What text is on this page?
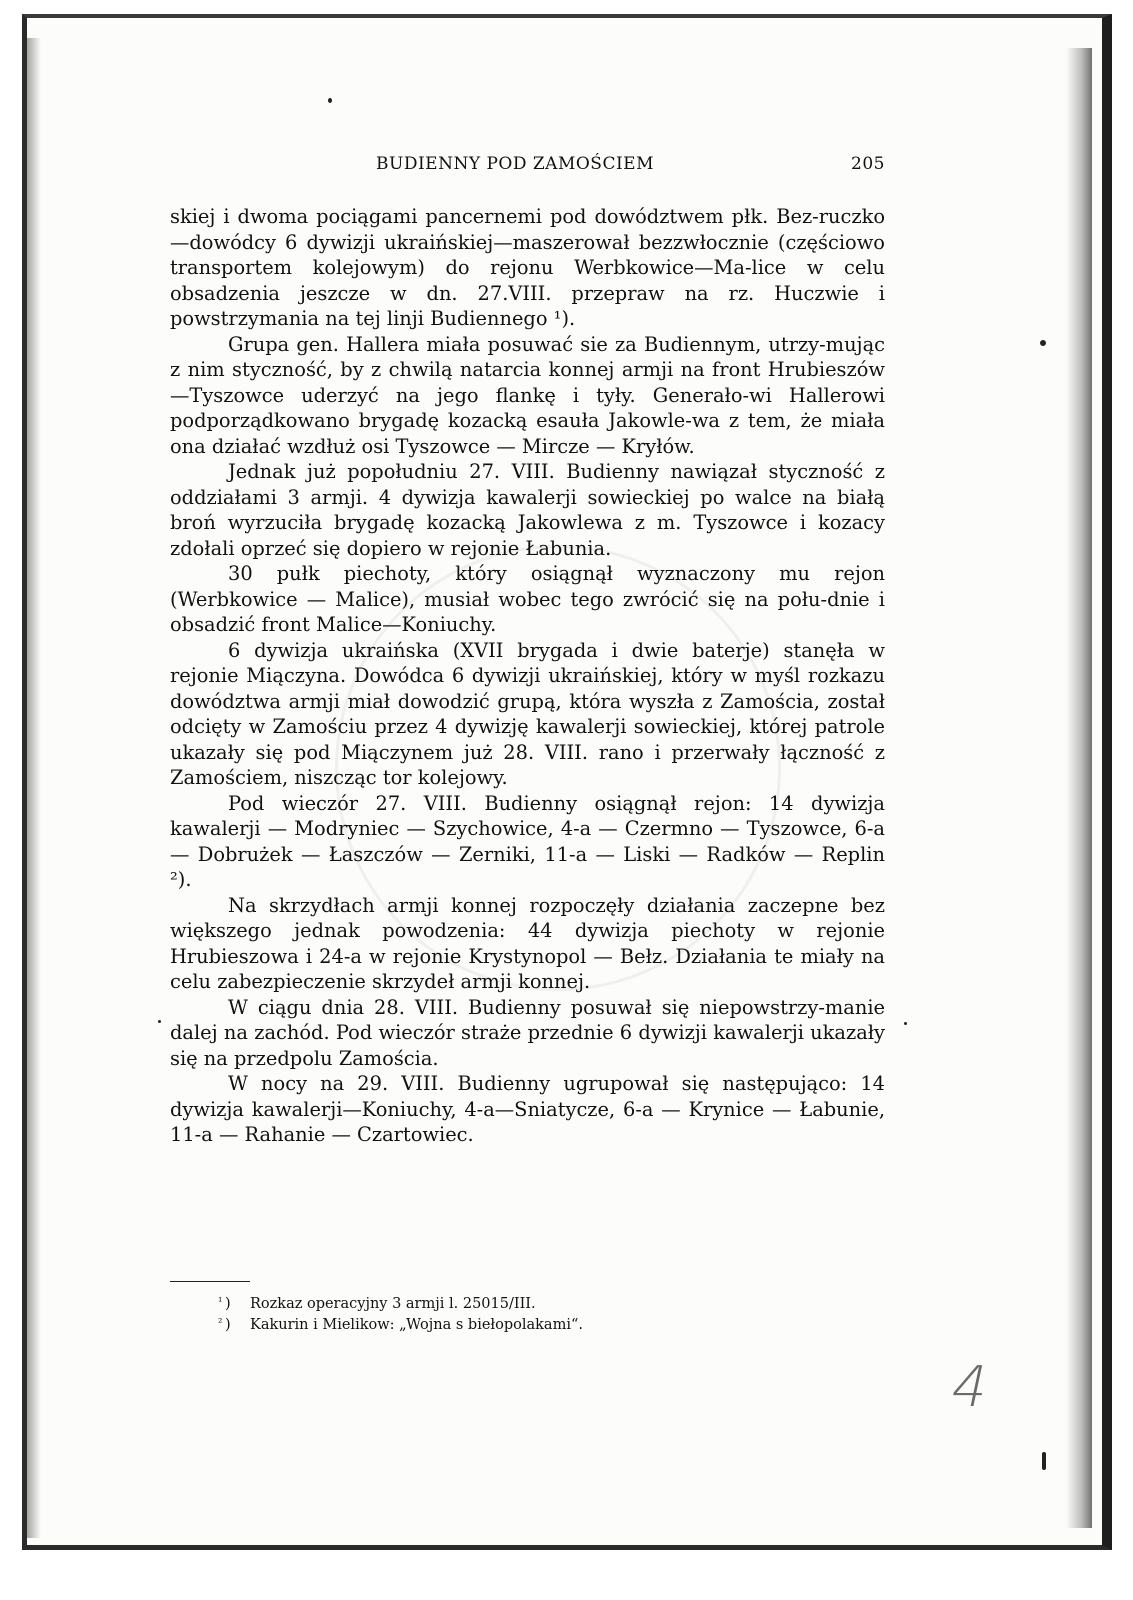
BUDIENNY POD ZAMOŚCIEM	205

skiej i dwoma pociągami pancernemi pod dowództwem płk. Bez-ruczko—dowódcy 6 dywizji ukraińskiej—maszerował bezzwłocznie (częściowo transportem kolejowym) do rejonu Werbkowice—Ma-lice w celu obsadzenia jeszcze w dn. 27.VIII. przepraw na rz. Huczwie i powstrzymania na tej linji Budiennego ¹).

Grupa gen. Hallera miała posuwać sie za Budiennym, utrzy-mując z nim styczność, by z chwilą natarcia konnej armji na front Hrubieszów—Tyszowce uderzyć na jego flankę i tyły. Generało-wi Hallerowi podporządkowano brygadę kozacką esauła Jakowle-wa z tem, że miała ona działać wzdłuż osi Tyszowce — Mircze — Kryłów.

Jednak już popołudniu 27. VIII. Budienny nawiązał styczność z oddziałami 3 armji. 4 dywizja kawalerji sowieckiej po walce na białą broń wyrzuciła brygadę kozacką Jakowlewa z m. Tyszowce i kozacy zdołali oprzeć się dopiero w rejonie Łabunia.

30 pułk piechoty, który osiągnął wyznaczony mu rejon (Werbkowice — Malice), musiał wobec tego zwrócić się na połu-dnie i obsadzić front Malice—Koniuchy.

6 dywizja ukraińska (XVII brygada i dwie baterje) stanęła w rejonie Miączyna. Dowódca 6 dywizji ukraińskiej, który w myśl rozkazu dowództwa armji miał dowodzić grupą, która wyszła z Zamościa, został odcięty w Zamościu przez 4 dywizję kawalerji sowieckiej, której patrole ukazały się pod Miączynem już 28. VIII. rano i przerwały łączność z Zamościem, niszcząc tor kolejowy.

Pod wieczór 27. VIII. Budienny osiągnął rejon: 14 dywizja kawalerji — Modryniec — Szychowice, 4-a — Czermno — Tyszowce, 6-a — Dobrużek — Łaszczów — Zerniki, 11-a — Liski — Radków — Replin ²).

Na skrzydłach armji konnej rozpoczęły działania zaczepne bez większego jednak powodzenia: 44 dywizja piechoty w rejonie Hrubieszowa i 24-a w rejonie Krystynopol — Bełz. Działania te miały na celu zabezpieczenie skrzydeł armji konnej.

W ciągu dnia 28. VIII. Budienny posuwał się niepowstrzy-manie dalej na zachód. Pod wieczór straże przednie 6 dywizji kawalerji ukazały się na przedpolu Zamościa.

W nocy na 29. VIII. Budienny ugrupował się następująco: 14 dywizja kawalerji—Koniuchy, 4-a—Sniatycze, 6-a — Krynice — Łabunie, 11-a — Rahanie — Czartowiec.

¹ ) Rozkaz operacyjny 3 armji l. 25015/III.
² ) Kakurin i Mielikow: „Wojna s biełopolakami“.
4
